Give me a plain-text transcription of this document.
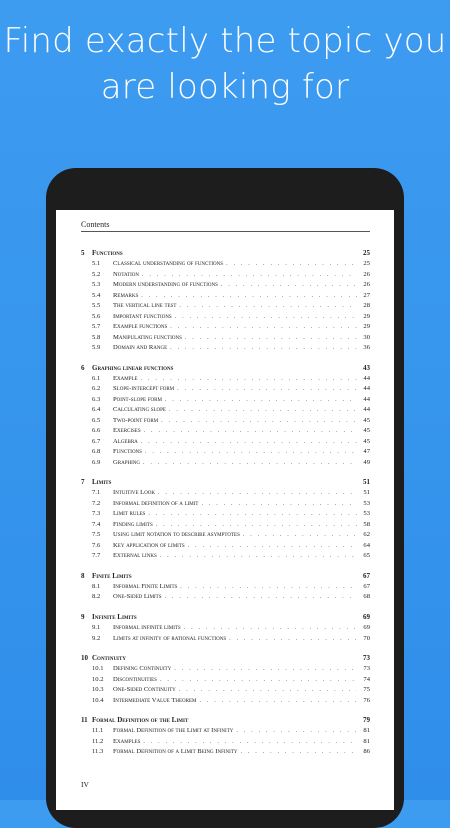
Find exactly the topic you
are looking for
Contents
5	Functions	25
5.1	Classical understanding of functions . . .	25
5.2	Notation . . .	26
5.3	Modern understanding of functions . . .	26
5.4	Remarks . . .	27
5.5	The vertical line test . . .	28
5.6	Important functions . . .	29
5.7	Example functions . . .	29
5.8	Manipulating functions . . .	30
5.9	Domain and Range . . .	36
6	Graphing linear functions	43
6.1	Example . . .	44
6.2	Slope-intercept form . . .	44
6.3	Point-slope form . . .	44
6.4	Calculating slope . . .	44
6.5	Two-point form . . .	45
6.6	Exercises . . .	45
6.7	Algebra . . .	45
6.8	Functions . . .	47
6.9	Graphing . . .	49
7	Limits	51
7.1	Intuitive Look . . .	51
7.2	Informal definition of a limit . . .	53
7.3	Limit rules . . .	53
7.4	Finding limits . . .	58
7.5	Using limit notation to describe asymptotes . . .	62
7.6	Key application of limits . . .	64
7.7	External links . . .	65
8	Finite Limits	67
8.1	Informal Finite Limits . . .	67
8.2	One-Sided Limits . . .	68
9	Infinite Limits	69
9.1	Informal infinite limits . . .	69
9.2	Limits at infinity of rational functions . . .	70
10 Continuity	73
10.1	Defining Continuity . . .	73
10.2	Discontinuities . . .	74
10.3	One-Sided Continuity . . .	75
10.4	Intermediate Value Theorem . . .	76
11 Formal Definition of the Limit	79
11.1	Formal Definition of the Limit at Infinity . . .	81
11.2	Examples . . .	81
11.3	Formal Definition of a Limit Being Infinity . . .	86
IV
